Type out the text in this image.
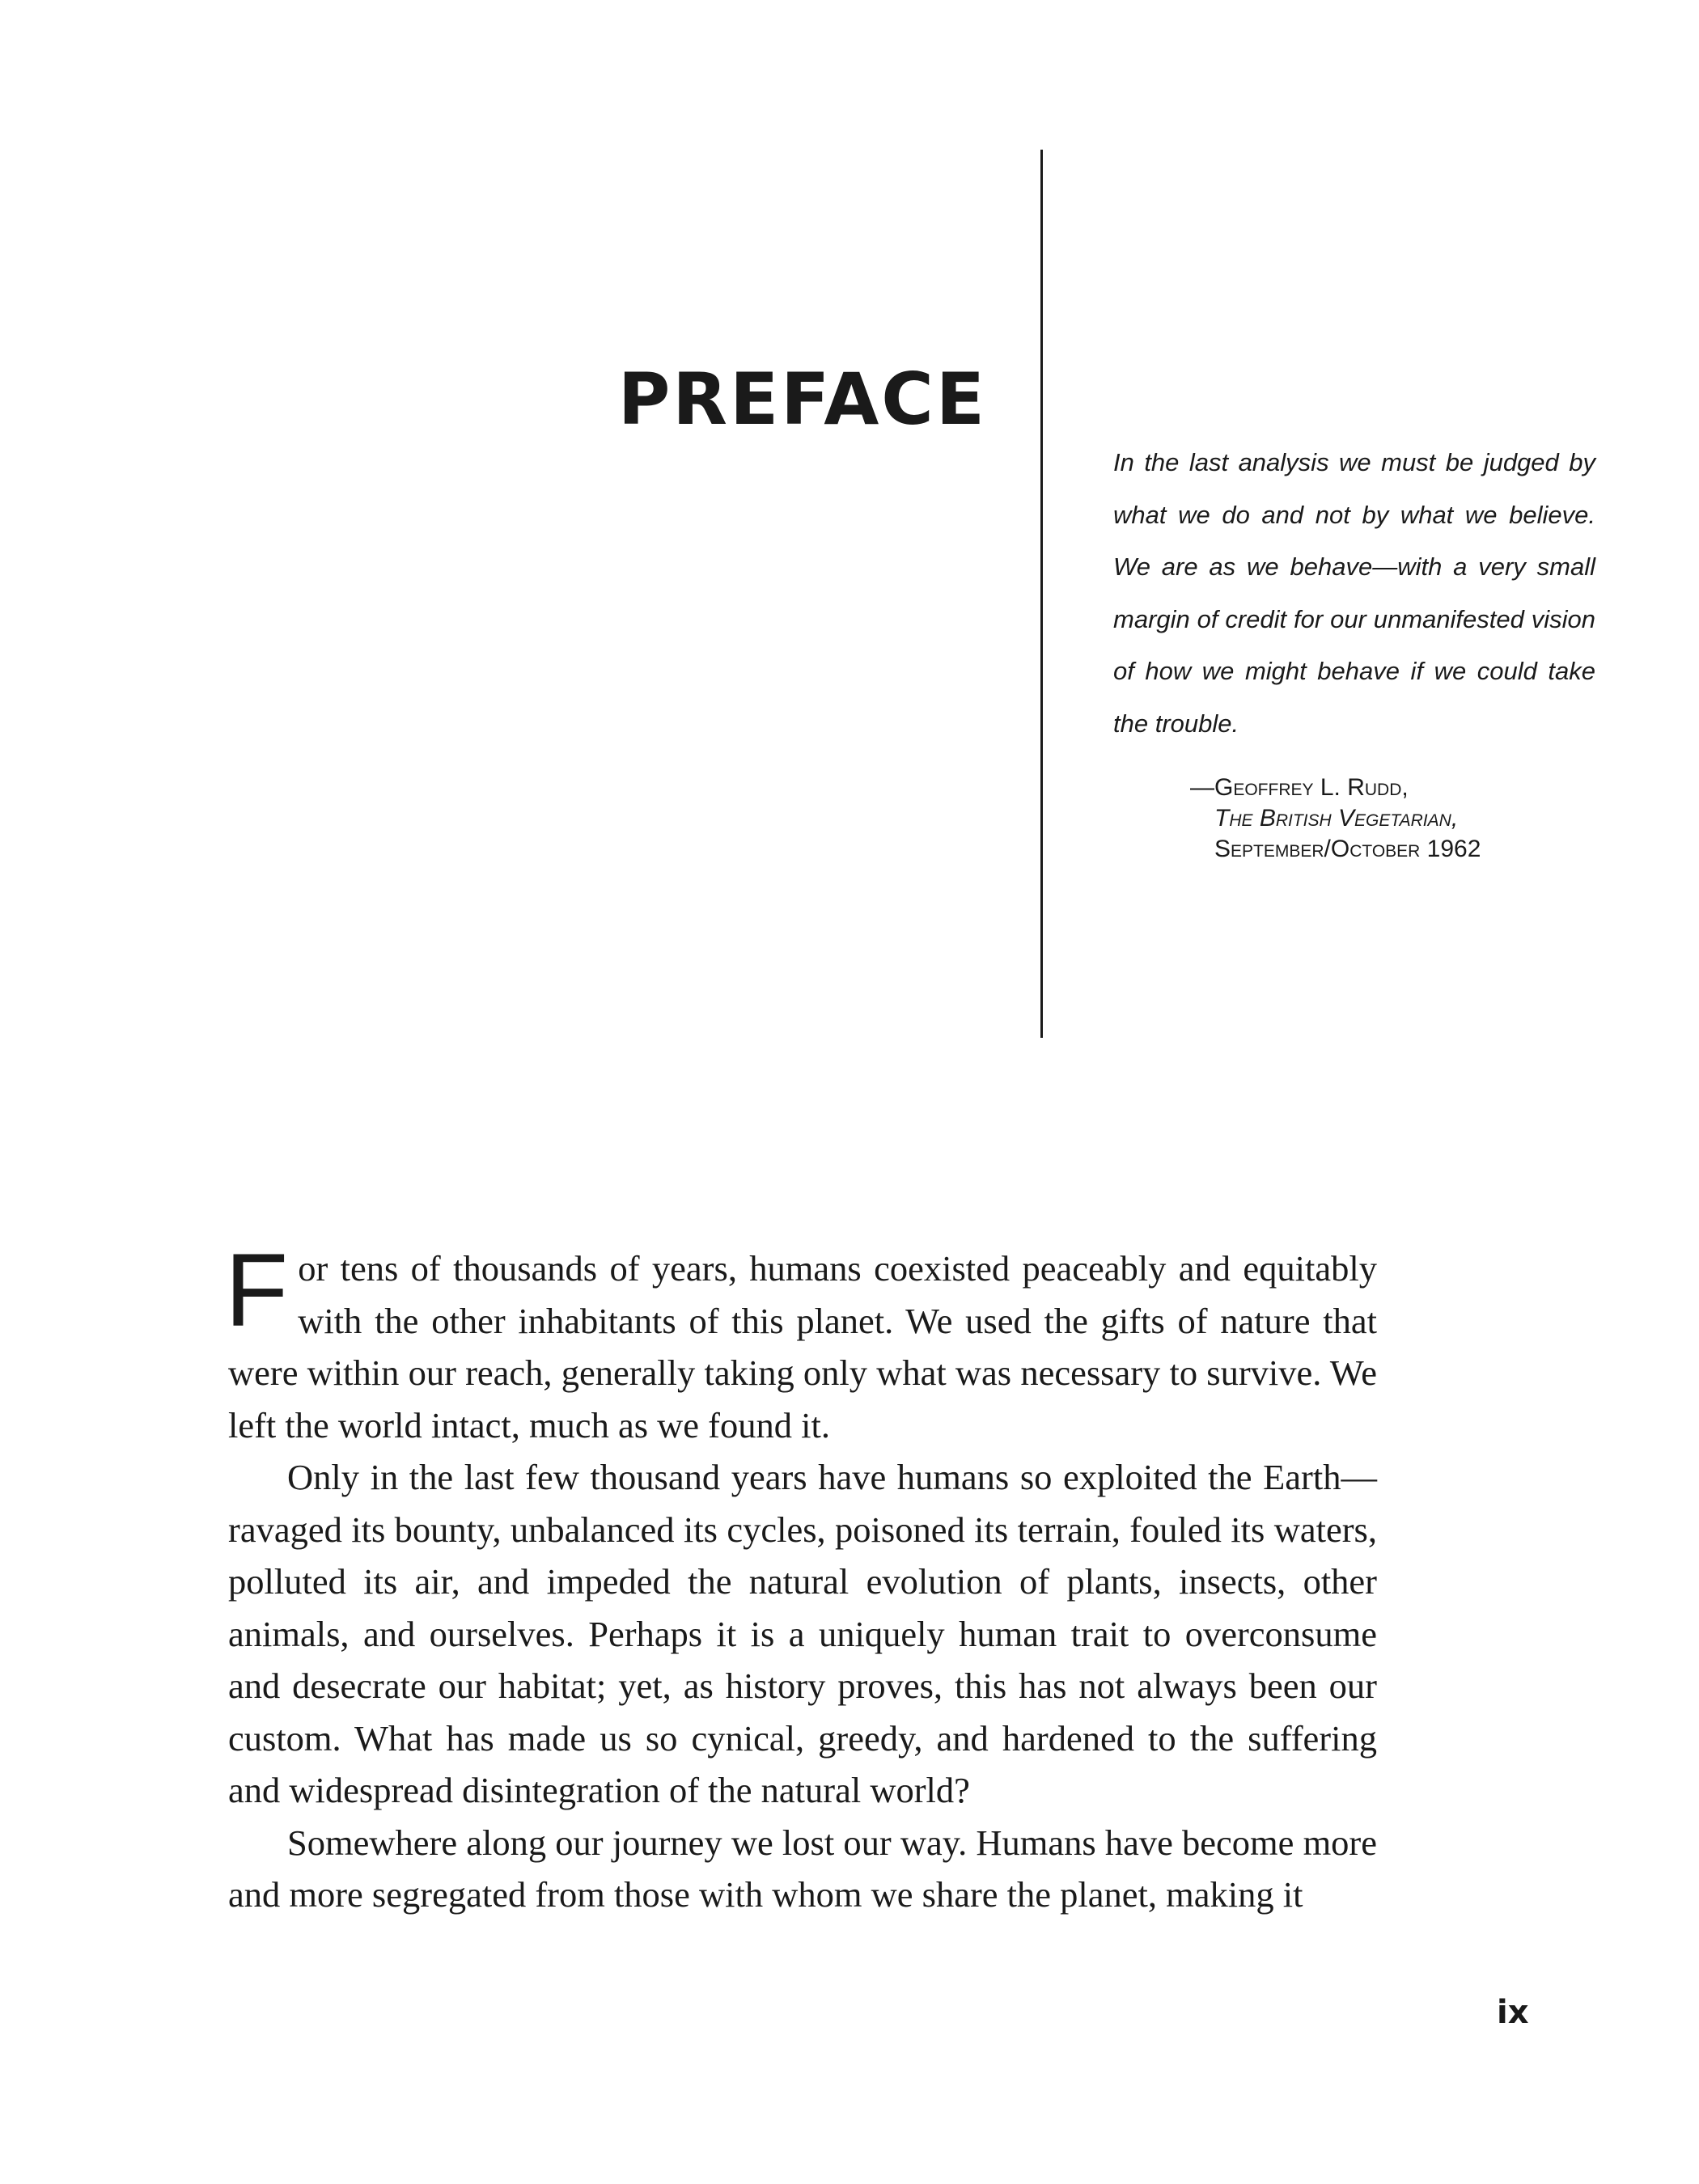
PREFACE

In the last analysis we must be judged by what we do and not by what we believe. We are as we behave—with a very small margin of credit for our unmanifested vision of how we might behave if we could take the trouble.

—Geoffrey L. Rudd,
The British Vegetarian,
September/October 1962

For tens of thousands of years, humans coexisted peaceably and equitably with the other inhabitants of this planet. We used the gifts of nature that were within our reach, generally taking only what was necessary to survive. We left the world intact, much as we found it.

Only in the last few thousand years have humans so exploited the Earth—ravaged its bounty, unbalanced its cycles, poisoned its terrain, fouled its waters, polluted its air, and impeded the natural evolution of plants, insects, other animals, and ourselves. Perhaps it is a uniquely human trait to overconsume and desecrate our habitat; yet, as history proves, this has not always been our custom. What has made us so cynical, greedy, and hardened to the suffering and widespread disintegration of the natural world?

Somewhere along our journey we lost our way. Humans have become more and more segregated from those with whom we share the planet, making it

ix
